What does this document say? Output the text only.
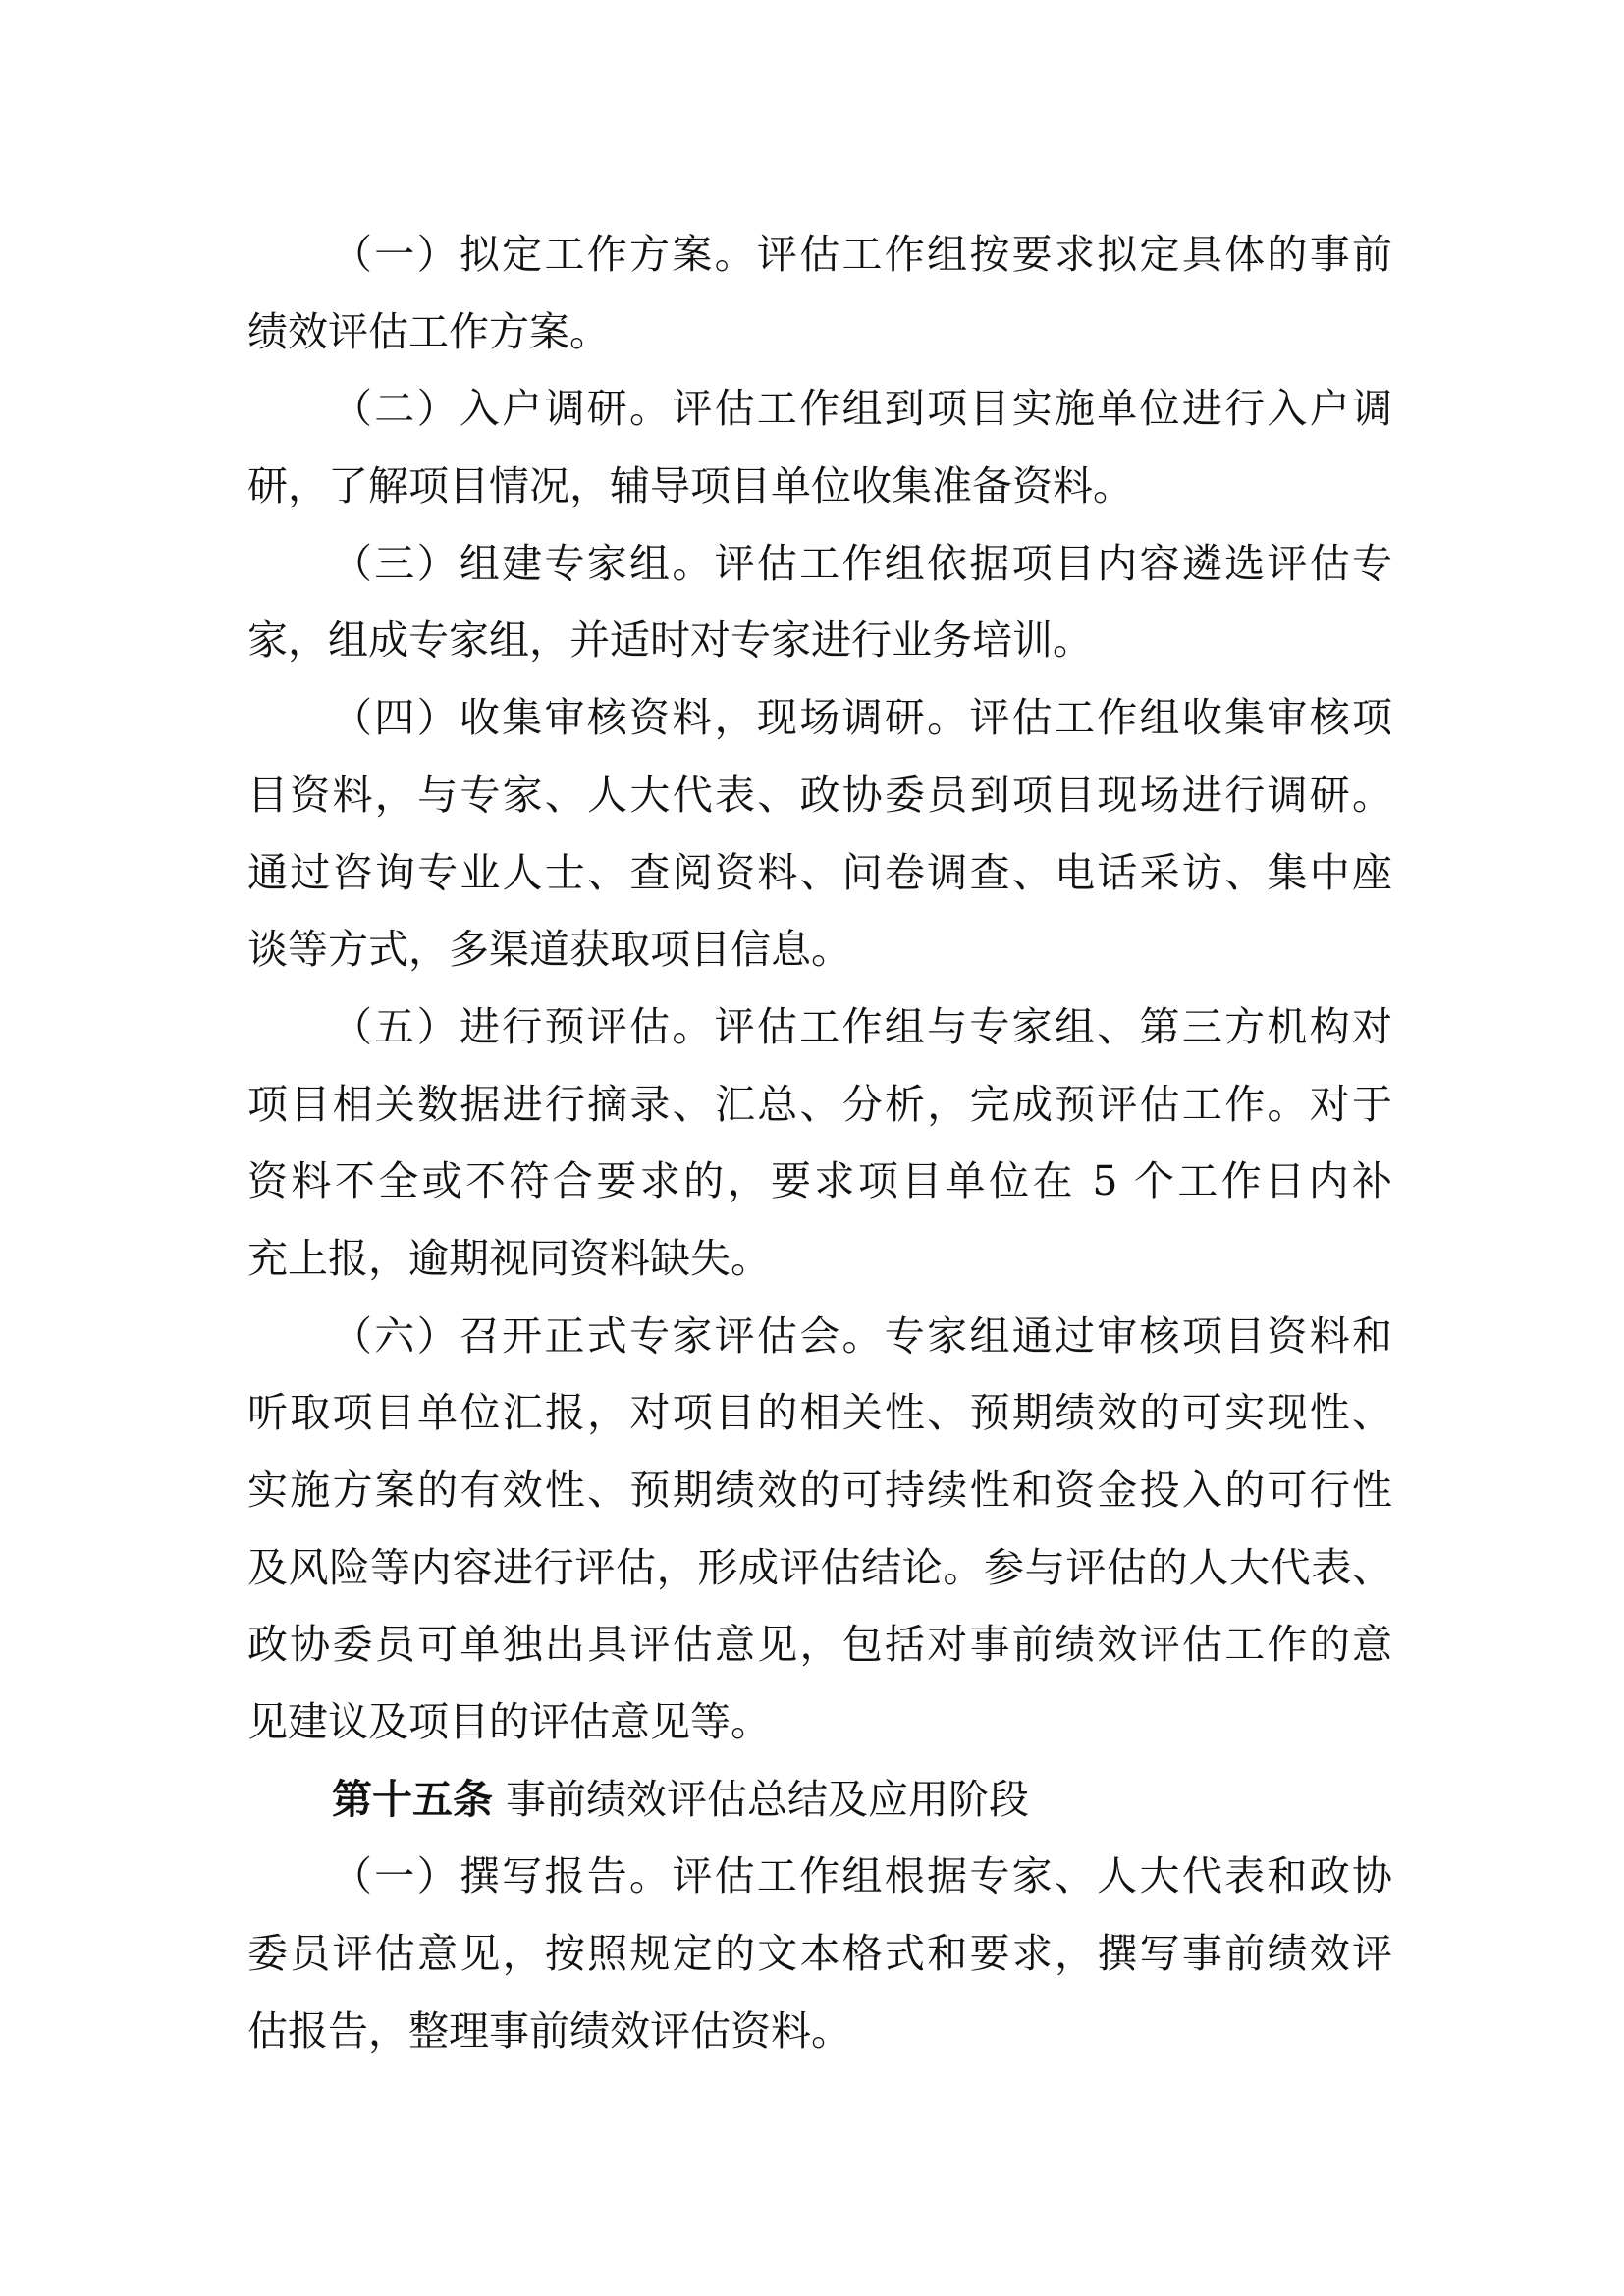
（一）拟定工作方案。评估工作组按要求拟定具体的事前
绩效评估工作方案。
（二）入户调研。评估工作组到项目实施单位进行入户调
研，了解项目情况，辅导项目单位收集准备资料。
（三）组建专家组。评估工作组依据项目内容遴选评估专
家，组成专家组，并适时对专家进行业务培训。
（四）收集审核资料，现场调研。评估工作组收集审核项
目资料，与专家、人大代表、政协委员到项目现场进行调研。
通过咨询专业人士、查阅资料、问卷调查、电话采访、集中座
谈等方式，多渠道获取项目信息。
（五）进行预评估。评估工作组与专家组、第三方机构对
项目相关数据进行摘录、汇总、分析，完成预评估工作。对于
资料不全或不符合要求的，要求项目单位在 5 个工作日内补
充上报，逾期视同资料缺失。
（六）召开正式专家评估会。专家组通过审核项目资料和
听取项目单位汇报，对项目的相关性、预期绩效的可实现性、
实施方案的有效性、预期绩效的可持续性和资金投入的可行性
及风险等内容进行评估，形成评估结论。参与评估的人大代表、
政协委员可单独出具评估意见，包括对事前绩效评估工作的意
见建议及项目的评估意见等。
第十五条 事前绩效评估总结及应用阶段
（一）撰写报告。评估工作组根据专家、人大代表和政协
委员评估意见，按照规定的文本格式和要求，撰写事前绩效评
估报告，整理事前绩效评估资料。
